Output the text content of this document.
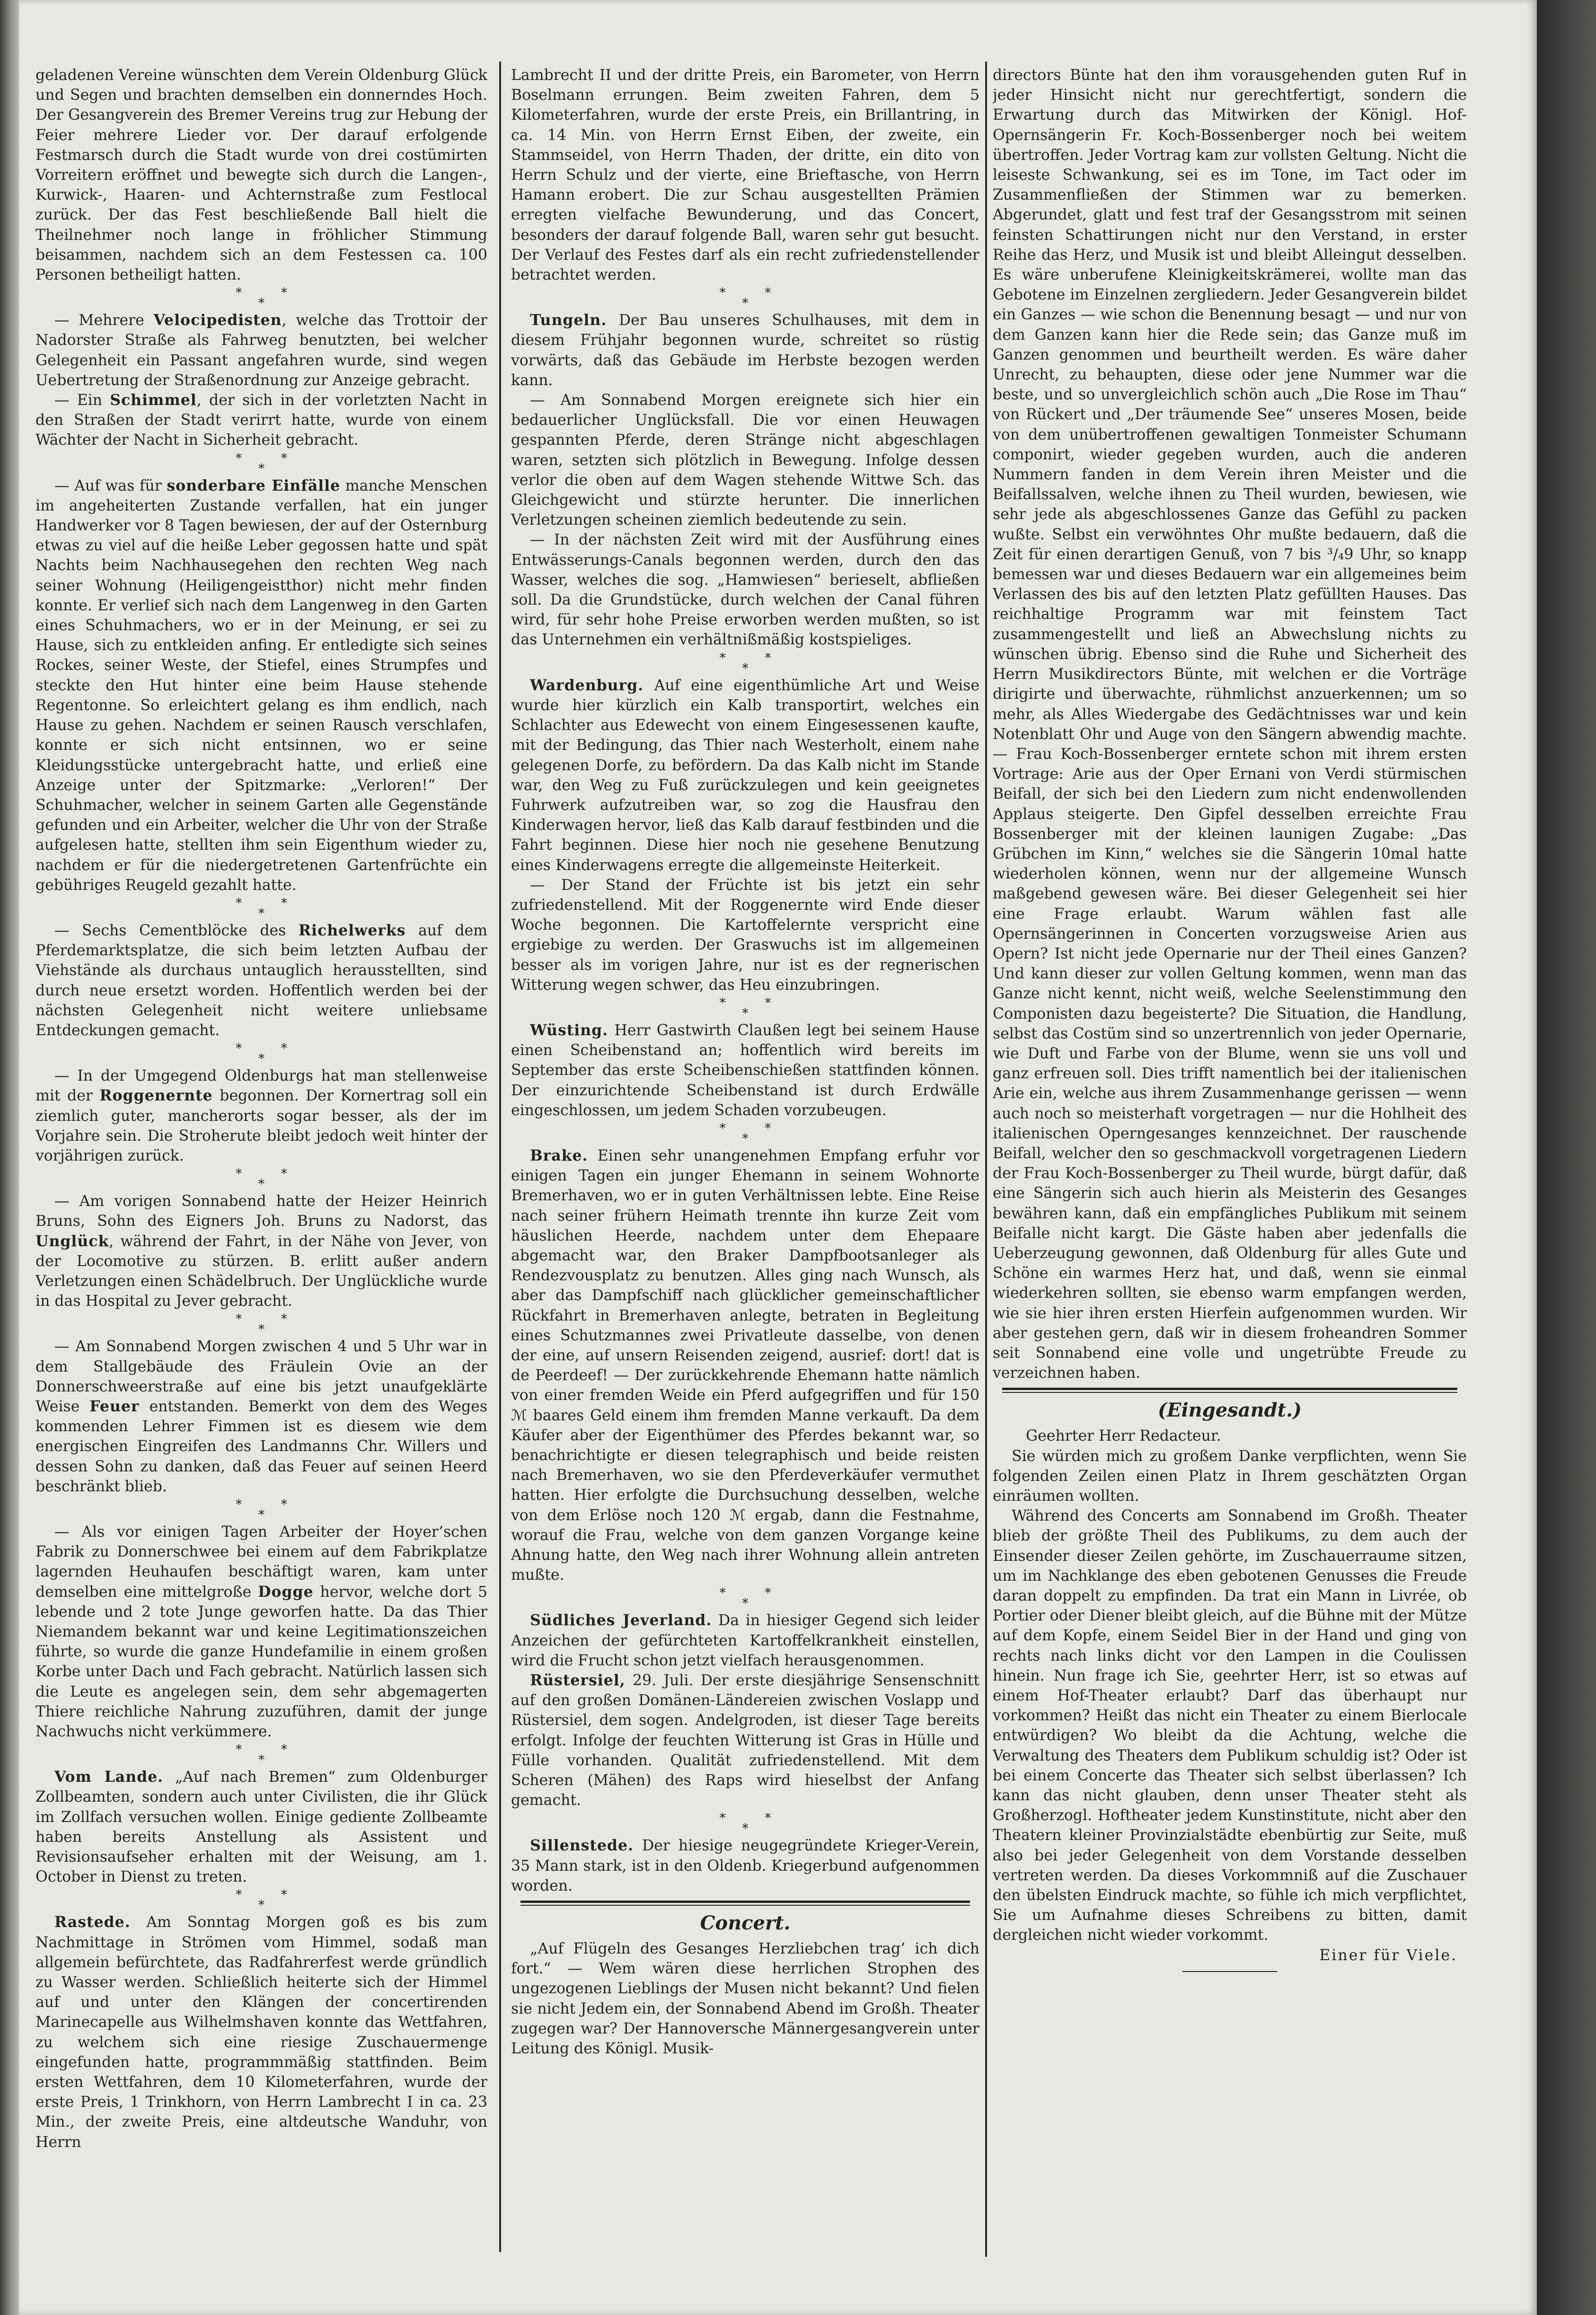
geladenen Vereine wünschten dem Verein Oldenburg Glück und Segen und brachten demselben ein donnerndes Hoch. Der Gesangverein des Bremer Vereins trug zur Hebung der Feier mehrere Lieder vor. Der darauf erfolgende Festmarsch durch die Stadt wurde von drei costümirten Vorreitern eröffnet und bewegte sich durch die Langen-, Kurwick-, Haaren- und Achternstraße zum Festlocal zurück. Der das Fest beschließende Ball hielt die Theilnehmer noch lange in fröhlicher Stimmung beisammen, nachdem sich an dem Festessen ca. 100 Personen betheiligt hatten.

*          *
*

— Mehrere Velocipedisten, welche das Trottoir der Nadorster Straße als Fahrweg benutzten, bei welcher Gelegenheit ein Passant angefahren wurde, sind wegen Uebertretung der Straßenordnung zur Anzeige gebracht.

— Ein Schimmel, der sich in der vorletzten Nacht in den Straßen der Stadt verirrt hatte, wurde von einem Wächter der Nacht in Sicherheit gebracht.

*          *
*

— Auf was für sonderbare Einfälle manche Menschen im angeheiterten Zustande verfallen, hat ein junger Handwerker vor 8 Tagen bewiesen, der auf der Osternburg etwas zu viel auf die heiße Leber gegossen hatte und spät Nachts beim Nachhausegehen den rechten Weg nach seiner Wohnung (Heiligengeistthor) nicht mehr finden konnte. Er verlief sich nach dem Langenweg in den Garten eines Schuhmachers, wo er in der Meinung, er sei zu Hause, sich zu entkleiden anfing. Er entledigte sich seines Rockes, seiner Weste, der Stiefel, eines Strumpfes und steckte den Hut hinter eine beim Hause stehende Regentonne. So erleichtert gelang es ihm endlich, nach Hause zu gehen. Nachdem er seinen Rausch verschlafen, konnte er sich nicht entsinnen, wo er seine Kleidungsstücke untergebracht hatte, und erließ eine Anzeige unter der Spitzmarke: „Verloren!“ Der Schuhmacher, welcher in seinem Garten alle Gegenstände gefunden und ein Arbeiter, welcher die Uhr von der Straße aufgelesen hatte, stellten ihm sein Eigenthum wieder zu, nachdem er für die niedergetretenen Gartenfrüchte ein gebühriges Reugeld gezahlt hatte.

*          *
*

— Sechs Cementblöcke des Richelwerks auf dem Pferdemarktsplatze, die sich beim letzten Aufbau der Viehstände als durchaus untauglich herausstellten, sind durch neue ersetzt worden. Hoffentlich werden bei der nächsten Gelegenheit nicht weitere unliebsame Entdeckungen gemacht.

*          *
*

— In der Umgegend Oldenburgs hat man stellenweise mit der Roggenernte begonnen. Der Kornertrag soll ein ziemlich guter, mancherorts sogar besser, als der im Vorjahre sein. Die Stroherute bleibt jedoch weit hinter der vorjährigen zurück.

*          *
*

— Am vorigen Sonnabend hatte der Heizer Heinrich Bruns, Sohn des Eigners Joh. Bruns zu Nadorst, das Unglück, während der Fahrt, in der Nähe von Jever, von der Locomotive zu stürzen. B. erlitt außer andern Verletzungen einen Schädelbruch. Der Unglückliche wurde in das Hospital zu Jever gebracht.

*          *
*

— Am Sonnabend Morgen zwischen 4 und 5 Uhr war in dem Stallgebäude des Fräulein Ovie an der Donnerschweerstraße auf eine bis jetzt unaufgeklärte Weise Feuer entstanden. Bemerkt von dem des Weges kommenden Lehrer Fimmen ist es diesem wie dem energischen Eingreifen des Landmanns Chr. Willers und dessen Sohn zu danken, daß das Feuer auf seinen Heerd beschränkt blieb.

*          *
*

— Als vor einigen Tagen Arbeiter der Hoyer’schen Fabrik zu Donnerschwee bei einem auf dem Fabrikplatze lagernden Heuhaufen beschäftigt waren, kam unter demselben eine mittelgroße Dogge hervor, welche dort 5 lebende und 2 tote Junge geworfen hatte. Da das Thier Niemandem bekannt war und keine Legitimationszeichen führte, so wurde die ganze Hundefamilie in einem großen Korbe unter Dach und Fach gebracht. Natürlich lassen sich die Leute es angelegen sein, dem sehr abgemagerten Thiere reichliche Nahrung zuzuführen, damit der junge Nachwuchs nicht verkümmere.

*          *
*

Vom Lande. „Auf nach Bremen“ zum Oldenburger Zollbeamten, sondern auch unter Civilisten, die ihr Glück im Zollfach versuchen wollen. Einige gediente Zollbeamte haben bereits Anstellung als Assistent und Revisionsaufseher erhalten mit der Weisung, am 1. October in Dienst zu treten.

*          *
*

Rastede. Am Sonntag Morgen goß es bis zum Nachmittage in Strömen vom Himmel, sodaß man allgemein befürchtete, das Radfahrerfest werde gründlich zu Wasser werden. Schließlich heiterte sich der Himmel auf und unter den Klängen der concertirenden Marinecapelle aus Wilhelmshaven konnte das Wettfahren, zu welchem sich eine riesige Zuschauermenge eingefunden hatte, programmmäßig stattfinden. Beim ersten Wettfahren, dem 10 Kilometerfahren, wurde der erste Preis, 1 Trinkhorn, von Herrn Lambrecht I in ca. 23 Min., der zweite Preis, eine altdeutsche Wanduhr, von Herrn

Lambrecht II und der dritte Preis, ein Barometer, von Herrn Boselmann errungen. Beim zweiten Fahren, dem 5 Kilometerfahren, wurde der erste Preis, ein Brillantring, in ca. 14 Min. von Herrn Ernst Eiben, der zweite, ein Stammseidel, von Herrn Thaden, der dritte, ein dito von Herrn Schulz und der vierte, eine Brieftasche, von Herrn Hamann erobert. Die zur Schau ausgestellten Prämien erregten vielfache Bewunderung, und das Concert, besonders der darauf folgende Ball, waren sehr gut besucht. Der Verlauf des Festes darf als ein recht zufriedenstellender betrachtet werden.

*          *
*

Tungeln. Der Bau unseres Schulhauses, mit dem in diesem Frühjahr begonnen wurde, schreitet so rüstig vorwärts, daß das Gebäude im Herbste bezogen werden kann.

— Am Sonnabend Morgen ereignete sich hier ein bedauerlicher Unglücksfall. Die vor einen Heuwagen gespannten Pferde, deren Stränge nicht abgeschlagen waren, setzten sich plötzlich in Bewegung. Infolge dessen verlor die oben auf dem Wagen stehende Wittwe Sch. das Gleichgewicht und stürzte herunter. Die innerlichen Verletzungen scheinen ziemlich bedeutende zu sein.

— In der nächsten Zeit wird mit der Ausführung eines Entwässerungs-Canals begonnen werden, durch den das Wasser, welches die sog. „Hamwiesen“ berieselt, abfließen soll. Da die Grundstücke, durch welchen der Canal führen wird, für sehr hohe Preise erworben werden mußten, so ist das Unternehmen ein verhältnißmäßig kostspieliges.

*          *
*

Wardenburg. Auf eine eigenthümliche Art und Weise wurde hier kürzlich ein Kalb transportirt, welches ein Schlachter aus Edewecht von einem Eingesessenen kaufte, mit der Bedingung, das Thier nach Westerholt, einem nahe gelegenen Dorfe, zu befördern. Da das Kalb nicht im Stande war, den Weg zu Fuß zurückzulegen und kein geeignetes Fuhrwerk aufzutreiben war, so zog die Hausfrau den Kinderwagen hervor, ließ das Kalb darauf festbinden und die Fahrt beginnen. Diese hier noch nie gesehene Benutzung eines Kinderwagens erregte die allgemeinste Heiterkeit.

— Der Stand der Früchte ist bis jetzt ein sehr zufriedenstellend. Mit der Roggenernte wird Ende dieser Woche begonnen. Die Kartoffelernte verspricht eine ergiebige zu werden. Der Graswuchs ist im allgemeinen besser als im vorigen Jahre, nur ist es der regnerischen Witterung wegen schwer, das Heu einzubringen.

*          *
*

Wüsting. Herr Gastwirth Claußen legt bei seinem Hause einen Scheibenstand an; hoffentlich wird bereits im September das erste Scheibenschießen stattfinden können. Der einzurichtende Scheibenstand ist durch Erdwälle eingeschlossen, um jedem Schaden vorzubeugen.

*          *
*

Brake. Einen sehr unangenehmen Empfang erfuhr vor einigen Tagen ein junger Ehemann in seinem Wohnorte Bremerhaven, wo er in guten Verhältnissen lebte. Eine Reise nach seiner frühern Heimath trennte ihn kurze Zeit vom häuslichen Heerde, nachdem unter dem Ehepaare abgemacht war, den Braker Dampfbootsanleger als Rendezvousplatz zu benutzen. Alles ging nach Wunsch, als aber das Dampfschiff nach glücklicher gemeinschaftlicher Rückfahrt in Bremerhaven anlegte, betraten in Begleitung eines Schutzmannes zwei Privatleute dasselbe, von denen der eine, auf unsern Reisenden zeigend, ausrief: dort! dat is de Peerdeef! — Der zurückkehrende Ehemann hatte nämlich von einer fremden Weide ein Pferd aufgegriffen und für 150 ℳ baares Geld einem ihm fremden Manne verkauft. Da dem Käufer aber der Eigenthümer des Pferdes bekannt war, so benachrichtigte er diesen telegraphisch und beide reisten nach Bremerhaven, wo sie den Pferdeverkäufer vermuthet hatten. Hier erfolgte die Durchsuchung desselben, welche von dem Erlöse noch 120 ℳ ergab, dann die Festnahme, worauf die Frau, welche von dem ganzen Vorgange keine Ahnung hatte, den Weg nach ihrer Wohnung allein antreten mußte.

*          *
*

Südliches Jeverland. Da in hiesiger Gegend sich leider Anzeichen der gefürchteten Kartoffelkrankheit einstellen, wird die Frucht schon jetzt vielfach herausgenommen.

Rüstersiel, 29. Juli. Der erste diesjährige Sensenschnitt auf den großen Domänen-Ländereien zwischen Voslapp und Rüstersiel, dem sogen. Andelgroden, ist dieser Tage bereits erfolgt. Infolge der feuchten Witterung ist Gras in Hülle und Fülle vorhanden. Qualität zufriedenstellend. Mit dem Scheren (Mähen) des Raps wird hieselbst der Anfang gemacht.

*          *
*

Sillenstede. Der hiesige neugegründete Krieger-Verein, 35 Mann stark, ist in den Oldenb. Kriegerbund aufgenommen worden.

Concert.

„Auf Flügeln des Gesanges Herzliebchen trag’ ich dich fort.“ — Wem wären diese herrlichen Strophen des ungezogenen Lieblings der Musen nicht bekannt? Und fielen sie nicht Jedem ein, der Sonnabend Abend im Großh. Theater zugegen war? Der Hannoversche Männergesangverein unter Leitung des Königl. Musik-

directors Bünte hat den ihm vorausgehenden guten Ruf in jeder Hinsicht nicht nur gerechtfertigt, sondern die Erwartung durch das Mitwirken der Königl. Hof-Opernsängerin Fr. Koch-Bossenberger noch bei weitem übertroffen. Jeder Vortrag kam zur vollsten Geltung. Nicht die leiseste Schwankung, sei es im Tone, im Tact oder im Zusammenfließen der Stimmen war zu bemerken. Abgerundet, glatt und fest traf der Gesangsstrom mit seinen feinsten Schattirungen nicht nur den Verstand, in erster Reihe das Herz, und Musik ist und bleibt Alleingut desselben. Es wäre unberufene Kleinigkeitskrämerei, wollte man das Gebotene im Einzelnen zergliedern. Jeder Gesangverein bildet ein Ganzes — wie schon die Benennung besagt — und nur von dem Ganzen kann hier die Rede sein; das Ganze muß im Ganzen genommen und beurtheilt werden. Es wäre daher Unrecht, zu behaupten, diese oder jene Nummer war die beste, und so unvergleichlich schön auch „Die Rose im Thau“ von Rückert und „Der träumende See“ unseres Mosen, beide von dem unübertroffenen gewaltigen Tonmeister Schumann componirt, wieder gegeben wurden, auch die anderen Nummern fanden in dem Verein ihren Meister und die Beifallssalven, welche ihnen zu Theil wurden, bewiesen, wie sehr jede als abgeschlossenes Ganze das Gefühl zu packen wußte. Selbst ein verwöhntes Ohr mußte bedauern, daß die Zeit für einen derartigen Genuß, von 7 bis ³/₄9 Uhr, so knapp bemessen war und dieses Bedauern war ein allgemeines beim Verlassen des bis auf den letzten Platz gefüllten Hauses. Das reichhaltige Programm war mit feinstem Tact zusammengestellt und ließ an Abwechslung nichts zu wünschen übrig. Ebenso sind die Ruhe und Sicherheit des Herrn Musikdirectors Bünte, mit welchen er die Vorträge dirigirte und überwachte, rühmlichst anzuerkennen; um so mehr, als Alles Wiedergabe des Gedächtnisses war und kein Notenblatt Ohr und Auge von den Sängern abwendig machte. — Frau Koch-Bossenberger erntete schon mit ihrem ersten Vortrage: Arie aus der Oper Ernani von Verdi stürmischen Beifall, der sich bei den Liedern zum nicht endenwollenden Applaus steigerte. Den Gipfel desselben erreichte Frau Bossenberger mit der kleinen launigen Zugabe: „Das Grübchen im Kinn,“ welches sie die Sängerin 10mal hatte wiederholen können, wenn nur der allgemeine Wunsch maßgebend gewesen wäre. Bei dieser Gelegenheit sei hier eine Frage erlaubt. Warum wählen fast alle Opernsängerinnen in Concerten vorzugsweise Arien aus Opern? Ist nicht jede Opernarie nur der Theil eines Ganzen? Und kann dieser zur vollen Geltung kommen, wenn man das Ganze nicht kennt, nicht weiß, welche Seelenstimmung den Componisten dazu begeisterte? Die Situation, die Handlung, selbst das Costüm sind so unzertrennlich von jeder Opernarie, wie Duft und Farbe von der Blume, wenn sie uns voll und ganz erfreuen soll. Dies trifft namentlich bei der italienischen Arie ein, welche aus ihrem Zusammenhange gerissen — wenn auch noch so meisterhaft vorgetragen — nur die Hohlheit des italienischen Operngesanges kennzeichnet. Der rauschende Beifall, welcher den so geschmackvoll vorgetragenen Liedern der Frau Koch-Bossenberger zu Theil wurde, bürgt dafür, daß eine Sängerin sich auch hierin als Meisterin des Gesanges bewähren kann, daß ein empfängliches Publikum mit seinem Beifalle nicht kargt. Die Gäste haben aber jedenfalls die Ueberzeugung gewonnen, daß Oldenburg für alles Gute und Schöne ein warmes Herz hat, und daß, wenn sie einmal wiederkehren sollten, sie ebenso warm empfangen werden, wie sie hier ihren ersten Hierfein aufgenommen wurden. Wir aber gestehen gern, daß wir in diesem froheandren Sommer seit Sonnabend eine volle und ungetrübte Freude zu verzeichnen haben.

(Eingesandt.)

Geehrter Herr Redacteur.

Sie würden mich zu großem Danke verpflichten, wenn Sie folgenden Zeilen einen Platz in Ihrem geschätzten Organ einräumen wollten.

Während des Concerts am Sonnabend im Großh. Theater blieb der größte Theil des Publikums, zu dem auch der Einsender dieser Zeilen gehörte, im Zuschauerraume sitzen, um im Nachklange des eben gebotenen Genusses die Freude daran doppelt zu empfinden. Da trat ein Mann in Livrée, ob Portier oder Diener bleibt gleich, auf die Bühne mit der Mütze auf dem Kopfe, einem Seidel Bier in der Hand und ging von rechts nach links dicht vor den Lampen in die Coulissen hinein. Nun frage ich Sie, geehrter Herr, ist so etwas auf einem Hof-Theater erlaubt? Darf das überhaupt nur vorkommen? Heißt das nicht ein Theater zu einem Bierlocale entwürdigen? Wo bleibt da die Achtung, welche die Verwaltung des Theaters dem Publikum schuldig ist? Oder ist bei einem Concerte das Theater sich selbst überlassen? Ich kann das nicht glauben, denn unser Theater steht als Großherzogl. Hoftheater jedem Kunstinstitute, nicht aber den Theatern kleiner Provinzialstädte ebenbürtig zur Seite, muß also bei jeder Gelegenheit von dem Vorstande desselben vertreten werden. Da dieses Vorkommniß auf die Zuschauer den übelsten Eindruck machte, so fühle ich mich verpflichtet, Sie um Aufnahme dieses Schreibens zu bitten, damit dergleichen nicht wieder vorkommt.

Einer für Viele.
